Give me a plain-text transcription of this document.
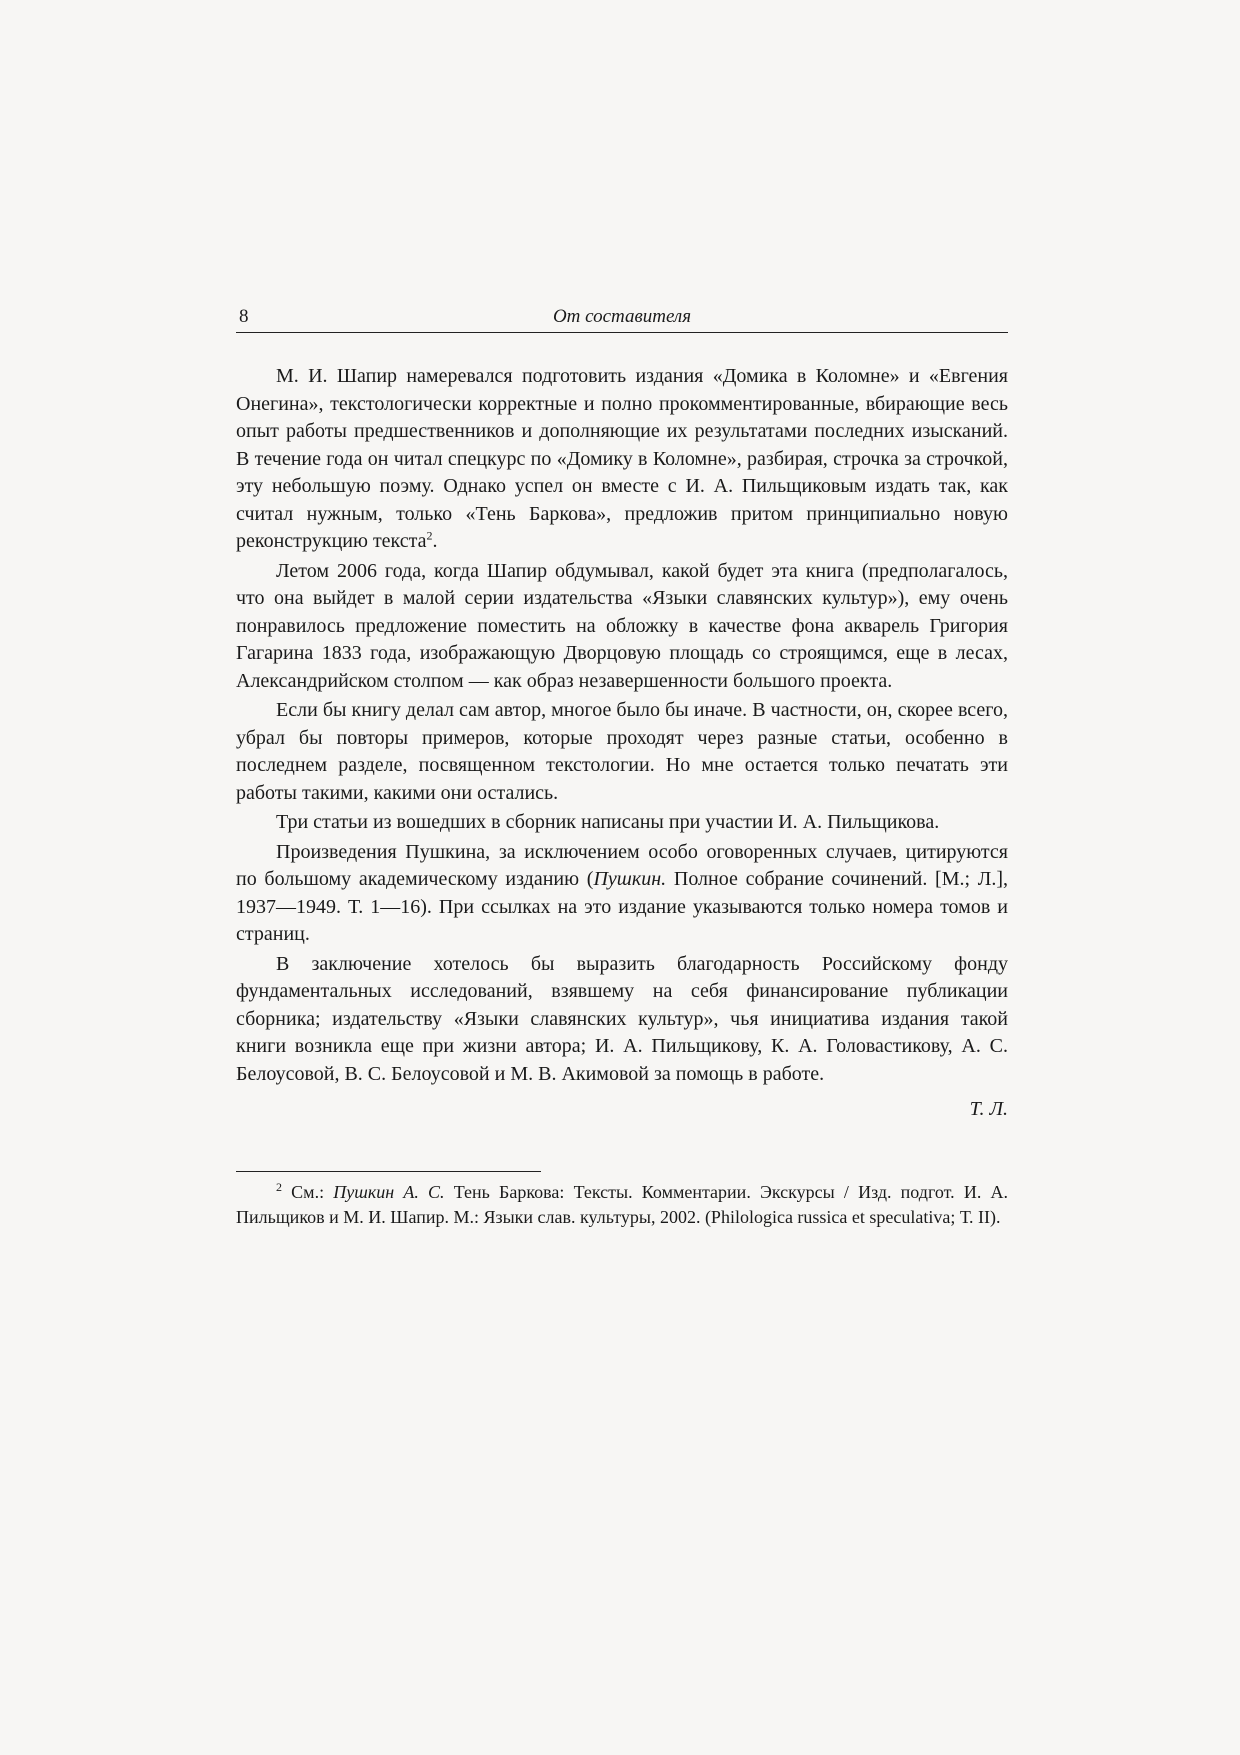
8	От составителя

М. И. Шапир намеревался подготовить издания «Домика в Коломне» и «Евгения Онегина», текстологически корректные и полно прокомментированные, вбирающие весь опыт работы предшественников и дополняющие их результатами последних изысканий. В течение года он читал спецкурс по «Домику в Коломне», разбирая, строчка за строчкой, эту небольшую поэму. Однако успел он вместе с И. А. Пильщиковым издать так, как считал нужным, только «Тень Баркова», предложив притом принципиально новую реконструкцию текста$^2$.

Летом 2006 года, когда Шапир обдумывал, какой будет эта книга (предполагалось, что она выйдет в малой серии издательства «Языки славянских культур»), ему очень понравилось предложение поместить на обложку в качестве фона акварель Григория Гагарина 1833 года, изображающую Дворцовую площадь со строящимся, еще в лесах, Александрийском столпом — как образ незавершенности большого проекта.

Если бы книгу делал сам автор, многое было бы иначе. В частности, он, скорее всего, убрал бы повторы примеров, которые проходят через разные статьи, особенно в последнем разделе, посвященном текстологии. Но мне остается только печатать эти работы такими, какими они остались.

Три статьи из вошедших в сборник написаны при участии И. А. Пильщикова.

Произведения Пушкина, за исключением особо оговоренных случаев, цитируются по большому академическому изданию (Пушкин. Полное собрание сочинений. [М.; Л.], 1937—1949. Т. 1—16). При ссылках на это издание указываются только номера томов и страниц.

В заключение хотелось бы выразить благодарность Российскому фонду фундаментальных исследований, взявшему на себя финансирование публикации сборника; издательству «Языки славянских культур», чья инициатива издания такой книги возникла еще при жизни автора; И. А. Пильщикову, К. А. Головастикову, А. С. Белоусовой, В. С. Белоусовой и М. В. Акимовой за помощь в работе.

Т. Л.

$^2$ См.: Пушкин А. С. Тень Баркова: Тексты. Комментарии. Экскурсы / Изд. подгот. И. А. Пильщиков и М. И. Шапир. М.: Языки слав. культуры, 2002. (Philologica russica et speculativa; Т. II).
